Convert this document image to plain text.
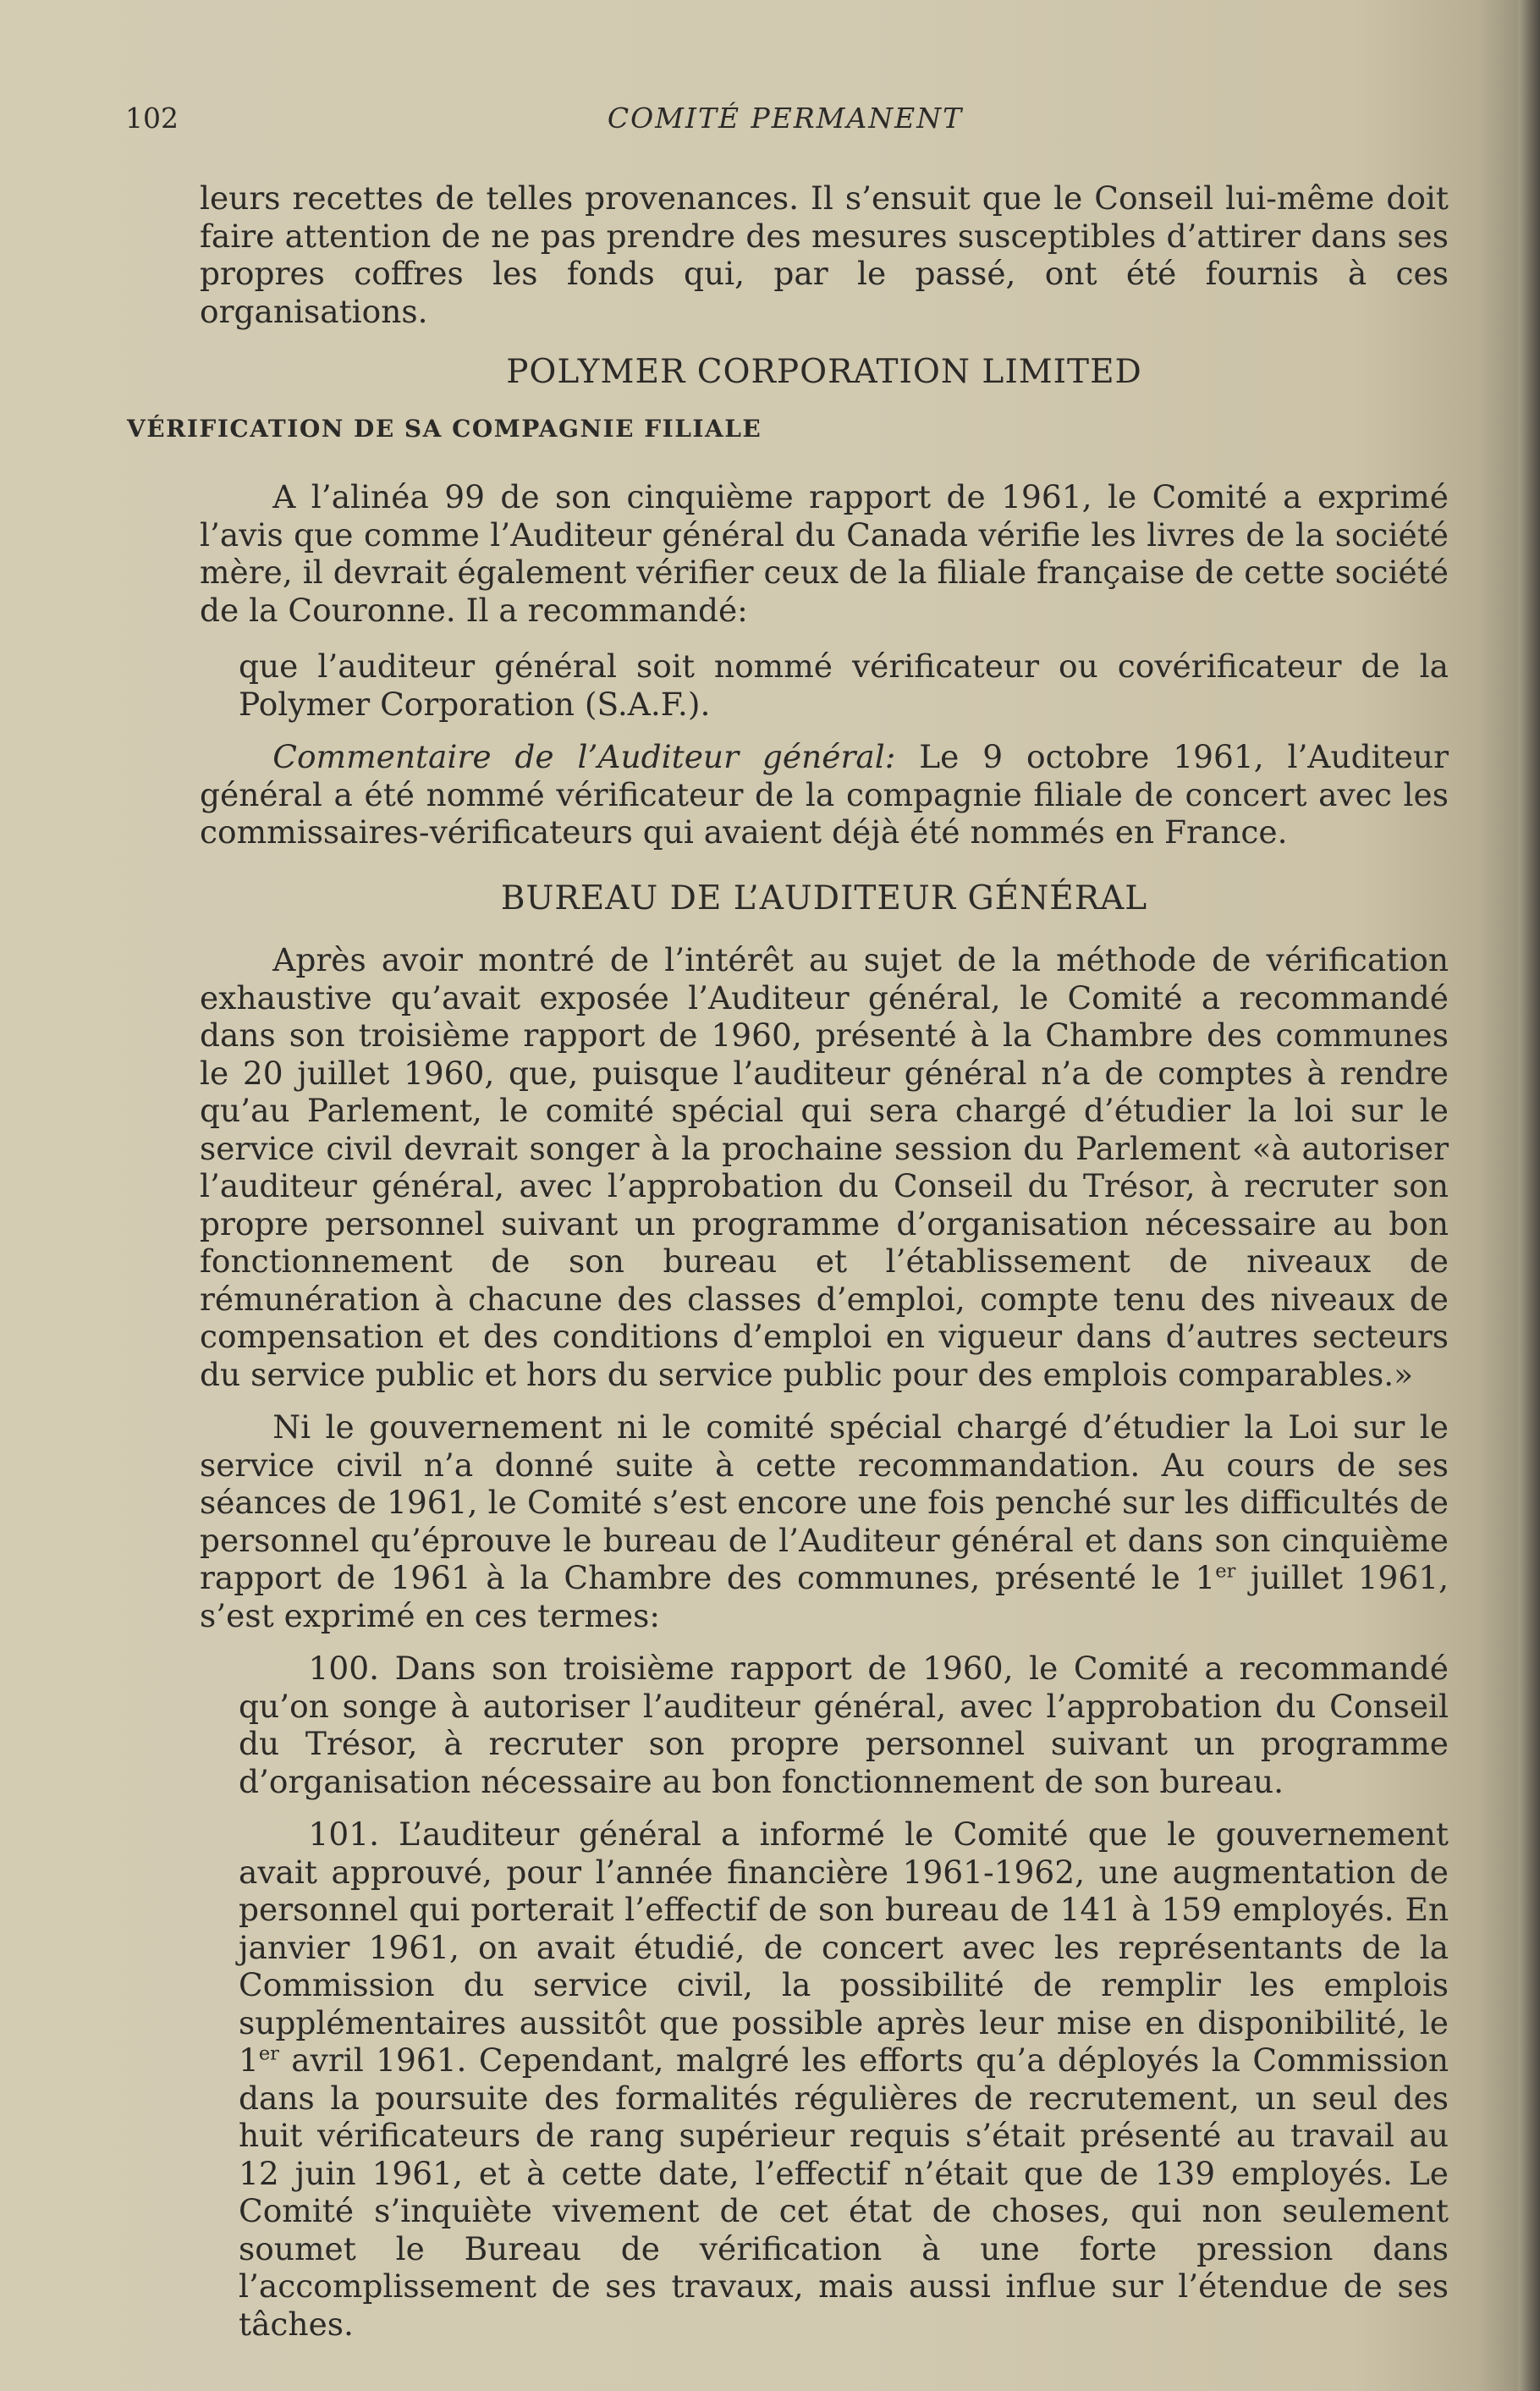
102	COMITÉ PERMANENT

leurs recettes de telles provenances. Il s’ensuit que le Conseil lui-même doit faire attention de ne pas prendre des mesures susceptibles d’attirer dans ses propres coffres les fonds qui, par le passé, ont été fournis à ces organisations.

POLYMER CORPORATION LIMITED
VÉRIFICATION DE SA COMPAGNIE FILIALE

A l’alinéa 99 de son cinquième rapport de 1961, le Comité a exprimé l’avis que comme l’Auditeur général du Canada vérifie les livres de la société mère, il devrait également vérifier ceux de la filiale française de cette société de la Couronne. Il a recommandé:

que l’auditeur général soit nommé vérificateur ou covérificateur de la Polymer Corporation (S.A.F.).

Commentaire de l’Auditeur général: Le 9 octobre 1961, l’Auditeur général a été nommé vérificateur de la compagnie filiale de concert avec les commissaires-vérificateurs qui avaient déjà été nommés en France.

BUREAU DE L’AUDITEUR GÉNÉRAL

Après avoir montré de l’intérêt au sujet de la méthode de vérification exhaustive qu’avait exposée l’Auditeur général, le Comité a recommandé dans son troisième rapport de 1960, présenté à la Chambre des communes le 20 juillet 1960, que, puisque l’auditeur général n’a de comptes à rendre qu’au Parlement, le comité spécial qui sera chargé d’étudier la loi sur le service civil devrait songer à la prochaine session du Parlement «à autoriser l’auditeur général, avec l’approbation du Conseil du Trésor, à recruter son propre personnel suivant un programme d’organisation nécessaire au bon fonctionnement de son bureau et l’établissement de niveaux de rémunération à chacune des classes d’emploi, compte tenu des niveaux de compensation et des conditions d’emploi en vigueur dans d’autres secteurs du service public et hors du service public pour des emplois comparables.»

Ni le gouvernement ni le comité spécial chargé d’étudier la Loi sur le service civil n’a donné suite à cette recommandation. Au cours de ses séances de 1961, le Comité s’est encore une fois penché sur les difficultés de personnel qu’éprouve le bureau de l’Auditeur général et dans son cinquième rapport de 1961 à la Chambre des communes, présenté le 1er juillet 1961, s’est exprimé en ces termes:

100. Dans son troisième rapport de 1960, le Comité a recommandé qu’on songe à autoriser l’auditeur général, avec l’approbation du Conseil du Trésor, à recruter son propre personnel suivant un programme d’organisation nécessaire au bon fonctionnement de son bureau.

101. L’auditeur général a informé le Comité que le gouvernement avait approuvé, pour l’année financière 1961-1962, une augmentation de personnel qui porterait l’effectif de son bureau de 141 à 159 employés. En janvier 1961, on avait étudié, de concert avec les représentants de la Commission du service civil, la possibilité de remplir les emplois supplémentaires aussitôt que possible après leur mise en disponibilité, le 1er avril 1961. Cependant, malgré les efforts qu’a déployés la Commission dans la poursuite des formalités régulières de recrutement, un seul des huit vérificateurs de rang supérieur requis s’était présenté au travail au 12 juin 1961, et à cette date, l’effectif n’était que de 139 employés. Le Comité s’inquiète vivement de cet état de choses, qui non seulement soumet le Bureau de vérification à une forte pression dans l’accomplissement de ses travaux, mais aussi influe sur l’étendue de ses tâches.
